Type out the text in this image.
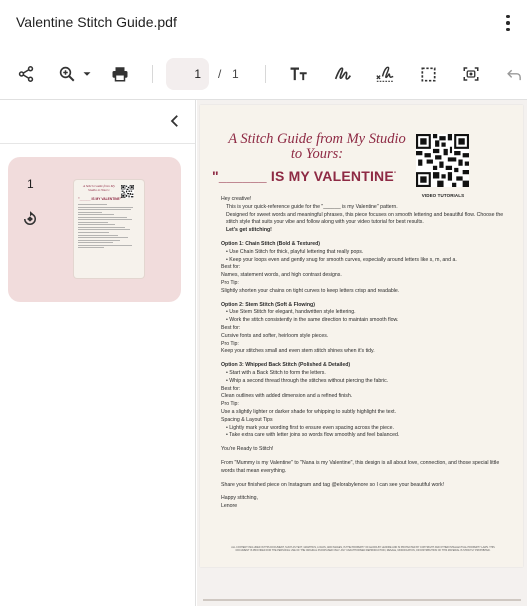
Valentine Stitch Guide.pdf
1	/ 1
1	A Stitch Guide from My Studio to Yours:
"______ IS MY VALENTINE"
A Stitch Guide from My Studio to Yours:
"______ IS MY VALENTINE"
VIDEO TUTORIALS
Hey creative!
This is your quick-reference guide for the "______ is my Valentine" pattern.
Designed for sweet words and meaningful phrases, this piece focuses on smooth lettering and beautiful flow. Choose the stitch style that suits your vibe and follow along with your video tutorial for best results.
Let's get stitching!
Option 1: Chain Stitch (Bold & Textured)
• Use Chain Stitch for thick, playful lettering that really pops.
• Keep your loops even and gently snug for smooth curves, especially around letters like s, m, and a.
Best for:
Names, statement words, and high contrast designs.
Pro Tip:
Slightly shorten your chains on tight curves to keep letters crisp and readable.
Option 2: Stem Stitch (Soft & Flowing)
• Use Stem Stitch for elegant, handwritten style lettering.
• Work the stitch consistently in the same direction to maintain smooth flow.
Best for:
Cursive fonts and softer, heirloom style pieces.
Pro Tip:
Keep your stitches small and even stem stitch shines when it's tidy.
Option 3: Whipped Back Stitch (Polished & Detailed)
• Start with a Back Stitch to form the letters.
• Whip a second thread through the stitches without piercing the fabric.
Best for:
Clean outlines with added dimension and a refined finish.
Pro Tip:
Use a slightly lighter or darker shade for whipping to subtly highlight the text.
Spacing & Layout Tips
• Lightly mark your wording first to ensure even spacing across the piece.
• Take extra care with letter joins so words flow smoothly and feel balanced.
You're Ready to Stitch!
From "Mummy is my Valentine" to "Nana is my Valentine", this design is all about love, connection, and those special little words that mean everything.
Share your finished piece on Instagram and tag @elorabylenore so I can see your beautiful work!
Happy stitching,
Lenore
ALL CONTENT INCLUDED IN THIS DOCUMENT, SUCH AS TEXT, GRAPHICS, LOGOS, AND IMAGES, IS THE PROPERTY OF ELORA BY LENORE AND IS PROTECTED BY COPYRIGHT AND OTHER INTELLECTUAL PROPERTY LAWS. THIS DOCUMENT IS PROVIDED FOR THE PERSONAL USE OF THE ORIGINAL PURCHASER ONLY. ANY UNAUTHORISED REPRODUCTION, RESALE, MODIFICATION, OR DISTRIBUTION OF THIS MATERIAL IS STRICTLY PROHIBITED.
